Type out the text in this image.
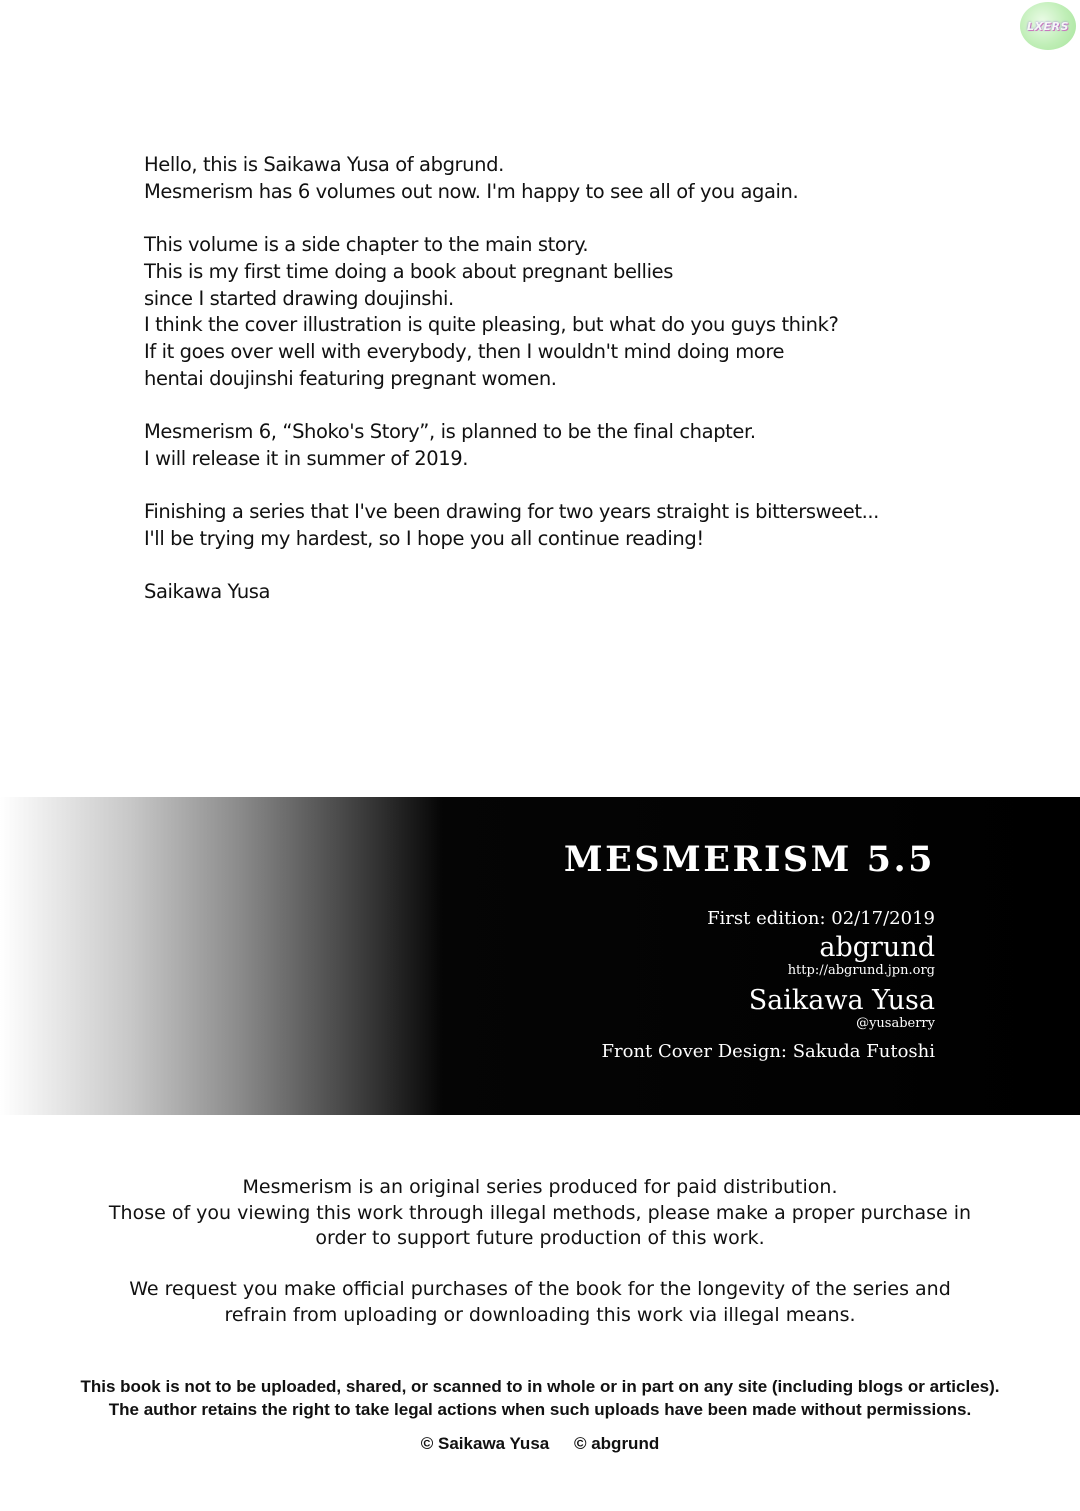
LXERS
Hello, this is Saikawa Yusa of abgrund.
Mesmerism has 6 volumes out now. I'm happy to see all of you again.
This volume is a side chapter to the main story.
This is my first time doing a book about pregnant bellies
since I started drawing doujinshi.
I think the cover illustration is quite pleasing, but what do you guys think?
If it goes over well with everybody, then I wouldn't mind doing more
hentai doujinshi featuring pregnant women.
Mesmerism 6, “Shoko's Story”, is planned to be the final chapter.
I will release it in summer of 2019.
Finishing a series that I've been drawing for two years straight is bittersweet...
I'll be trying my hardest, so I hope you all continue reading!
Saikawa Yusa
MESMERISM 5.5
First edition: 02/17/2019
abgrund
http://abgrund.jpn.org
Saikawa Yusa
@yusaberry
Front Cover Design: Sakuda Futoshi
Mesmerism is an original series produced for paid distribution.
Those of you viewing this work through illegal methods, please make a proper purchase in
order to support future production of this work.
We request you make official purchases of the book for the longevity of the series and
refrain from uploading or downloading this work via illegal means.
This book is not to be uploaded, shared, or scanned to in whole or in part on any site (including blogs or articles).
The author retains the right to take legal actions when such uploads have been made without permissions.
© Saikawa Yusa © abgrund
